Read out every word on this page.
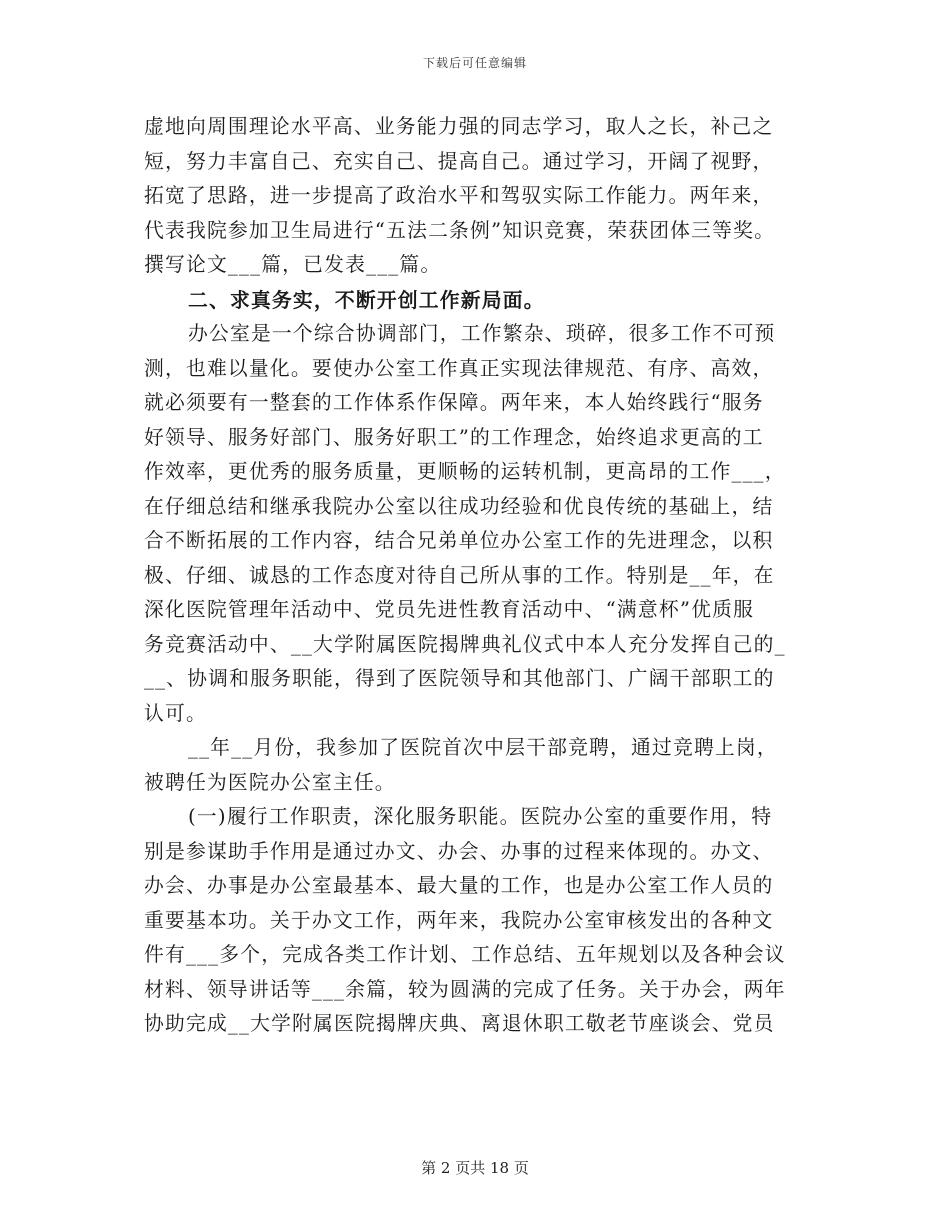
下载后可任意编辑
虚地向周围理论水平高、业务能力强的同志学习，取人之长，补己之
短，努力丰富自己、充实自己、提高自己。通过学习，开阔了视野，
拓宽了思路，进一步提高了政治水平和驾驭实际工作能力。两年来，
代表我院参加卫生局进行“五法二条例”知识竞赛，荣获团体三等奖。
撰写论文___篇，已发表___篇。
二、求真务实，不断开创工作新局面。
办公室是一个综合协调部门，工作繁杂、琐碎，很多工作不可预
测，也难以量化。要使办公室工作真正实现法律规范、有序、高效，
就必须要有一整套的工作体系作保障。两年来，本人始终践行“服务
好领导、服务好部门、服务好职工”的工作理念，始终追求更高的工
作效率，更优秀的服务质量，更顺畅的运转机制，更高昂的工作___，
在仔细总结和继承我院办公室以往成功经验和优良传统的基础上，结
合不断拓展的工作内容，结合兄弟单位办公室工作的先进理念，以积
极、仔细、诚恳的工作态度对待自己所从事的工作。特别是__年，在
深化医院管理年活动中、党员先进性教育活动中、“满意杯”优质服
务竞赛活动中、__大学附属医院揭牌典礼仪式中本人充分发挥自己的_
__、协调和服务职能，得到了医院领导和其他部门、广阔干部职工的
认可。
__年__月份，我参加了医院首次中层干部竞聘，通过竞聘上岗，
被聘任为医院办公室主任。
(一)履行工作职责，深化服务职能。医院办公室的重要作用，特
别是参谋助手作用是通过办文、办会、办事的过程来体现的。办文、
办会、办事是办公室最基本、最大量的工作，也是办公室工作人员的
重要基本功。关于办文工作，两年来，我院办公室审核发出的各种文
件有___多个，完成各类工作计划、工作总结、五年规划以及各种会议
材料、领导讲话等___余篇，较为圆满的完成了任务。关于办会，两年
协助完成__大学附属医院揭牌庆典、离退休职工敬老节座谈会、党员
第 2 页共 18 页
